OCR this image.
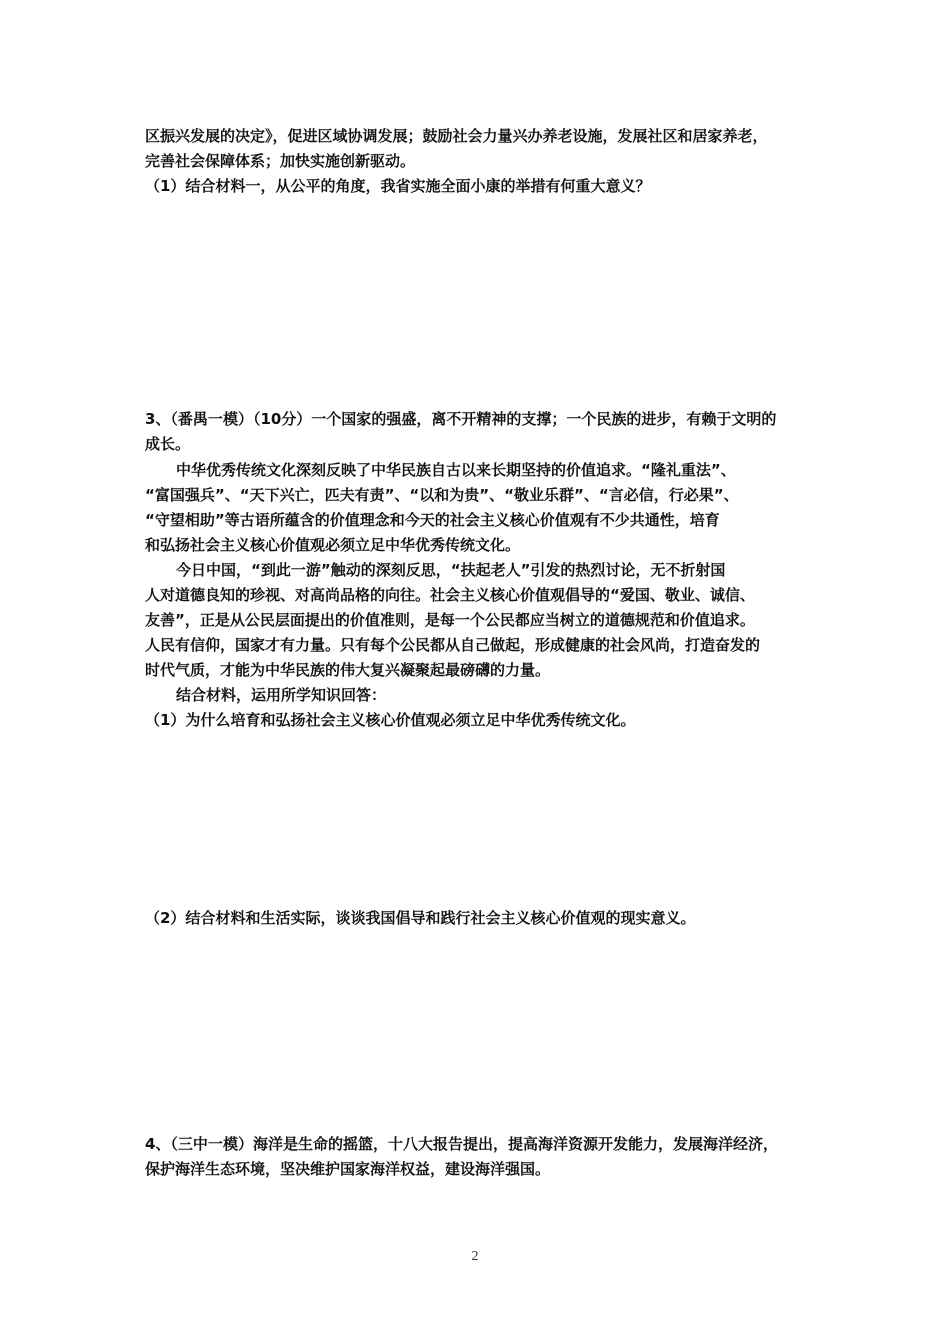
区振兴发展的决定》，促进区域协调发展；鼓励社会力量兴办养老设施，发展社区和居家养老，
完善社会保障体系；加快实施创新驱动。
（1）结合材料一，从公平的角度，我省实施全面小康的举措有何重大意义？
3、（番禺一模）（10分）一个国家的强盛，离不开精神的支撑；一个民族的进步，有赖于文明的
成长。
中华优秀传统文化深刻反映了中华民族自古以来长期坚持的价值追求。“隆礼重法”、
“富国强兵”、“天下兴亡，匹夫有责”、“以和为贵”、“敬业乐群”、“言必信，行必果”、
“守望相助”等古语所蕴含的价值理念和今天的社会主义核心价值观有不少共通性，培育
和弘扬社会主义核心价值观必须立足中华优秀传统文化。
今日中国，“到此一游”触动的深刻反思，“扶起老人”引发的热烈讨论，无不折射国
人对道德良知的珍视、对高尚品格的向往。社会主义核心价值观倡导的“爱国、敬业、诚信、
友善”，正是从公民层面提出的价值准则，是每一个公民都应当树立的道德规范和价值追求。
人民有信仰，国家才有力量。只有每个公民都从自己做起，形成健康的社会风尚，打造奋发的
时代气质，才能为中华民族的伟大复兴凝聚起最磅礴的力量。
结合材料，运用所学知识回答：
（1）为什么培育和弘扬社会主义核心价值观必须立足中华优秀传统文化。
（2）结合材料和生活实际，谈谈我国倡导和践行社会主义核心价值观的现实意义。
4、（三中一模）海洋是生命的摇篮，十八大报告提出，提高海洋资源开发能力，发展海洋经济，
保护海洋生态环境，坚决维护国家海洋权益，建设海洋强国。
2
